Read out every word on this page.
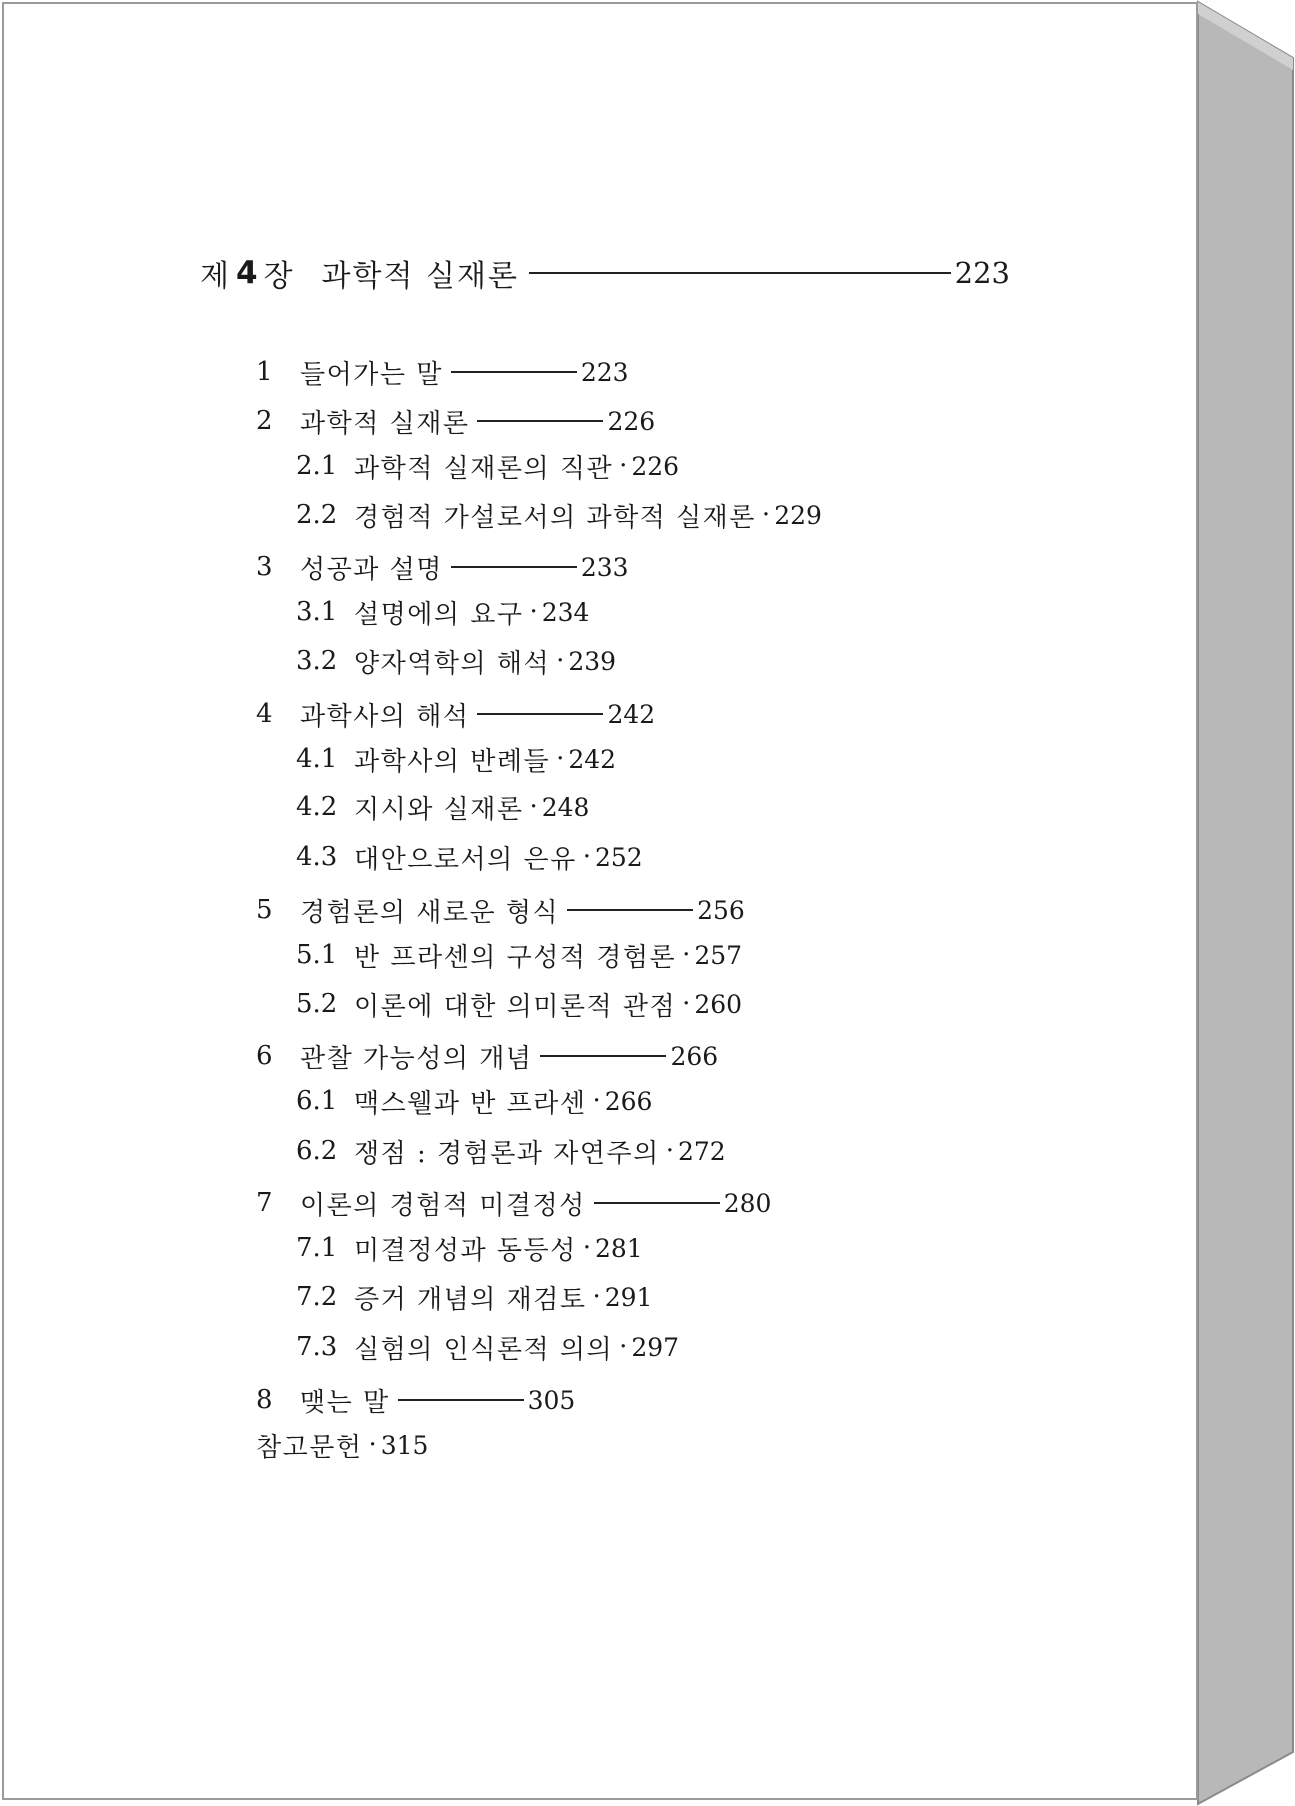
제 4 장 과학적 실재론	223
1	들어가는 말	223
2	과학적 실재론	226
2.1 과학적 실재론의 직관 · 226
2.2 경험적 가설로서의 과학적 실재론 · 229
3	성공과 설명	233
3.1 설명에의 요구 · 234
3.2 양자역학의 해석 · 239
4	과학사의 해석	242
4.1 과학사의 반례들 · 242
4.2 지시와 실재론 · 248
4.3 대안으로서의 은유 · 252
5	경험론의 새로운 형식	256
5.1 반 프라센의 구성적 경험론 · 257
5.2 이론에 대한 의미론적 관점 · 260
6	관찰 가능성의 개념	266
6.1 맥스웰과 반 프라센 · 266
6.2 쟁점 : 경험론과 자연주의 · 272
7	이론의 경험적 미결정성	280
7.1 미결정성과 동등성 · 281
7.2 증거 개념의 재검토 · 291
7.3 실험의 인식론적 의의 · 297
8	맺는 말	305
참고문헌 · 315
